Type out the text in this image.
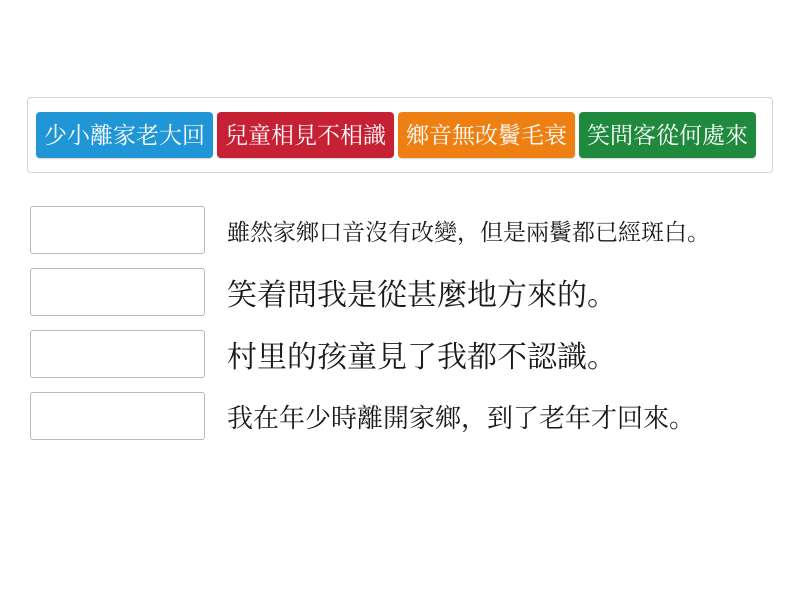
少小離家老大回 兒童相見不相識 鄉音無改鬢毛衰 笑問客從何處來
雖然家鄉口音沒有改變，但是兩鬢都已經斑白。
笑着問我是從甚麼地方來的。
村里的孩童見了我都不認識。
我在年少時離開家鄉，到了老年才回來。
